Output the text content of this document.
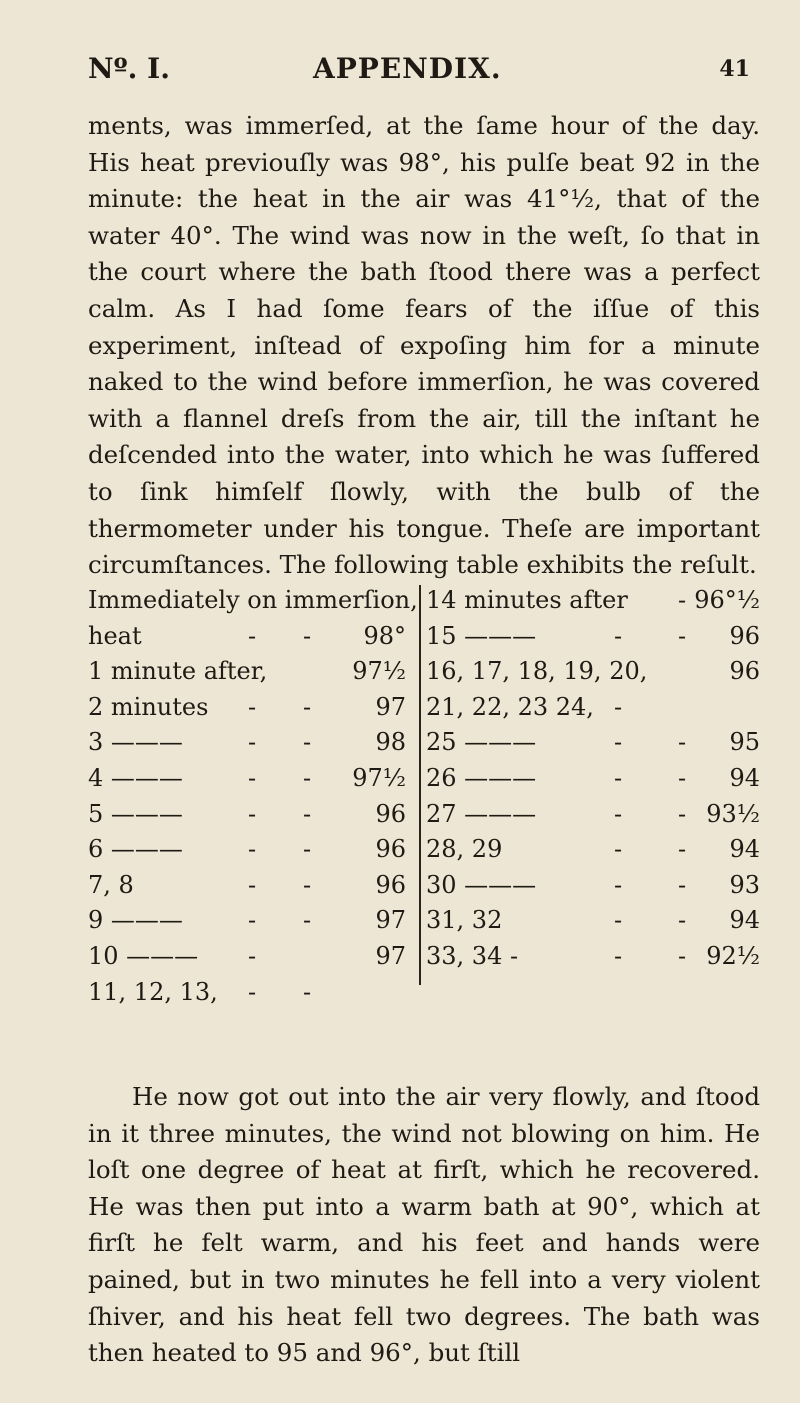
Nº. I.	APPENDIX.	41

ments, was immerſed, at the ſame hour of the day. His heat previouſly was 98°, his pulſe beat 92 in the minute: the heat in the air was 41°½, that of the water 40°. The wind was now in the weſt, ſo that in the court where the bath ſtood there was a perfect calm. As I had ſome fears of the iſſue of this experiment, inſtead of expoſing him for a minute naked to the wind before immerſion, he was covered with a flannel dreſs from the air, till the inſtant he deſcended into the water, into which he was ſuffered to ſink himſelf ſlowly, with the bulb of the thermometer under his tongue. Theſe are important circumſtances. The following table exhibits the reſult.

Immediately on immerſion,
heat	- - 98°
1 minute after,	97½
2 minutes - -	97
3 ———	- -	98
4 ———	- - 97½
5 ———	- -	96
6 ———	- -	96
7, 8	- -	96
9 ———	- -	97
10 ——— -	97
11, 12, 13, - -
14 minutes after - 96°½
15 ———	- - 96
16, 17, 18, 19, 20,	96
21, 22, 23 24, -
25 ———	- - 95
26 ———	- - 94
27 ———	- - 93½
28, 29	- - 94
30 ———	- - 93
31, 32	- - 94
33, 34 -	- - 92½

He now got out into the air very flowly, and ſtood in it three minutes, the wind not blowing on him. He loſt one degree of heat at firſt, which he recovered. He was then put into a warm bath at 90°, which at firſt he felt warm, and his feet and hands were pained, but in two minutes he fell into a very violent ſhiver, and his heat fell two degrees. The bath was then heated to 95 and 96°, but ſtill
